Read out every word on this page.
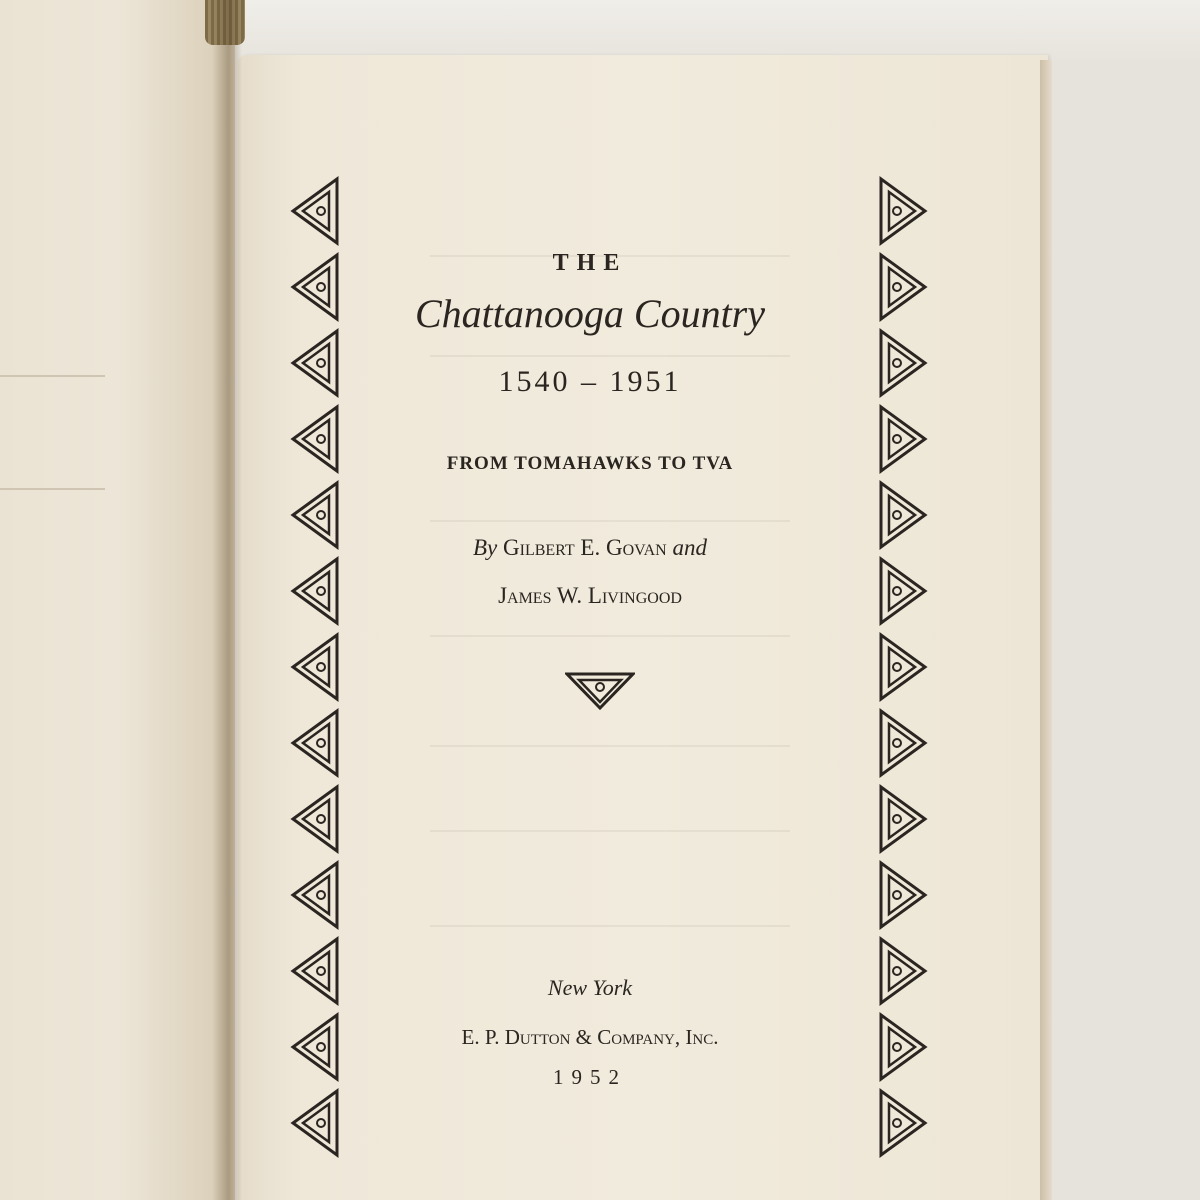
THE
Chattanooga Country
1540 – 1951
FROM TOMAHAWKS TO TVA
By Gilbert E. Govan and
James W. Livingood
New York
E. P. Dutton & Company, Inc.
1952
